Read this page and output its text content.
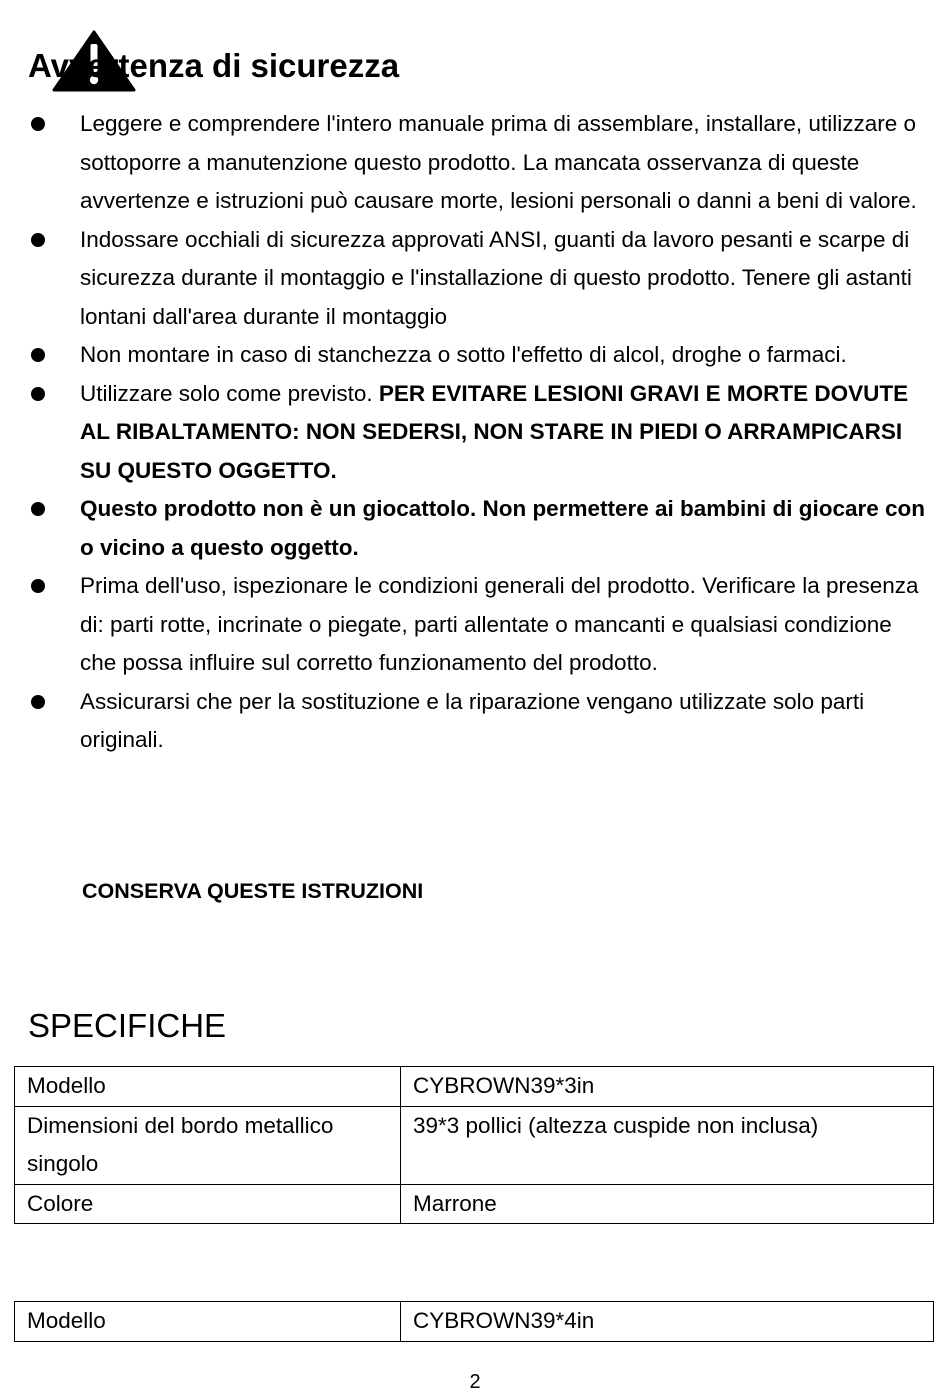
Avvertenza di sicurezza
Leggere e comprendere l'intero manuale prima di assemblare, installare, utilizzare o sottoporre a manutenzione questo prodotto. La mancata osservanza di queste avvertenze e istruzioni può causare morte, lesioni personali o danni a beni di valore.
Indossare occhiali di sicurezza approvati ANSI, guanti da lavoro pesanti e scarpe di sicurezza durante il montaggio e l'installazione di questo prodotto. Tenere gli astanti lontani dall'area durante il montaggio
Non montare in caso di stanchezza o sotto l'effetto di alcol, droghe o farmaci.
Utilizzare solo come previsto. PER EVITARE LESIONI GRAVI E MORTE DOVUTE AL RIBALTAMENTO: NON SEDERSI, NON STARE IN PIEDI O ARRAMPICARSI SU QUESTO OGGETTO.
Questo prodotto non è un giocattolo. Non permettere ai bambini di giocare con o vicino a questo oggetto.
Prima dell'uso, ispezionare le condizioni generali del prodotto. Verificare la presenza di: parti rotte, incrinate o piegate, parti allentate o mancanti e qualsiasi condizione che possa influire sul corretto funzionamento del prodotto.
Assicurarsi che per la sostituzione e la riparazione vengano utilizzate solo parti originali.
CONSERVA QUESTE ISTRUZIONI
SPECIFICHE
Modello	CYBROWN39*3in
Dimensioni del bordo metallico singolo	39*3 pollici (altezza cuspide non inclusa)
Colore	Marrone
Modello	CYBROWN39*4in
2
